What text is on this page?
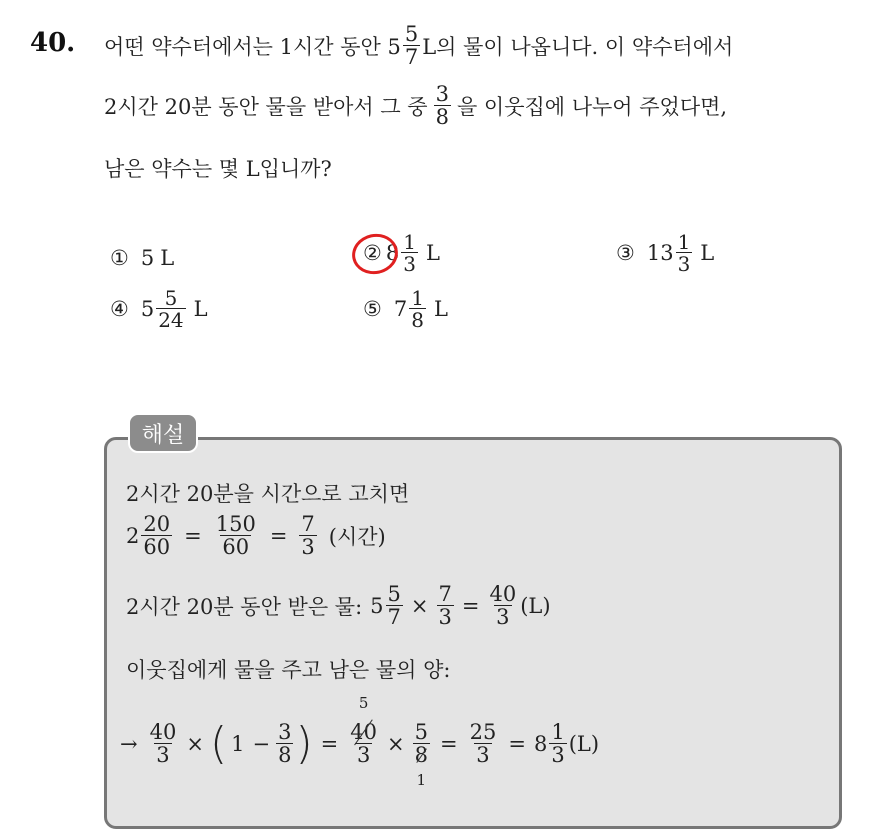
40. 어떤 약수터에서는 1시간 동안 $5 \frac{5}{7}$ L의 물이 나옵니다. 이 약수터에서
2시간 20분 동안 물을 받아서 그 중 $\frac{3}{8}$ 을 이웃집에 나누어 주었다면,
남은 약수는 몇 L입니까?
① 5 L	② $8 \frac{1}{3}$ L	③ $13 \frac{1}{3}$ L
④ $5 \frac{5}{24}$ L	⑤ $7 \frac{1}{8}$ L
해설
2시간 20분을 시간으로 고치면
$2 \frac{20}{60} = \frac{150}{60} = \frac{7}{3}$ (시간)
2시간 20분 동안 받은 물: $5 \frac{5}{7} \times \frac{7}{3} = \frac{40}{3} (L)$
이웃집에게 물을 주고 남은 물의 양:
→ $\frac{40}{3}$ × ( $1 - \frac{3}{8}$ ) =
5
40
3 × 5
8
1
= $\frac{25}{3} = 8 \frac{1}{3} (L)$
